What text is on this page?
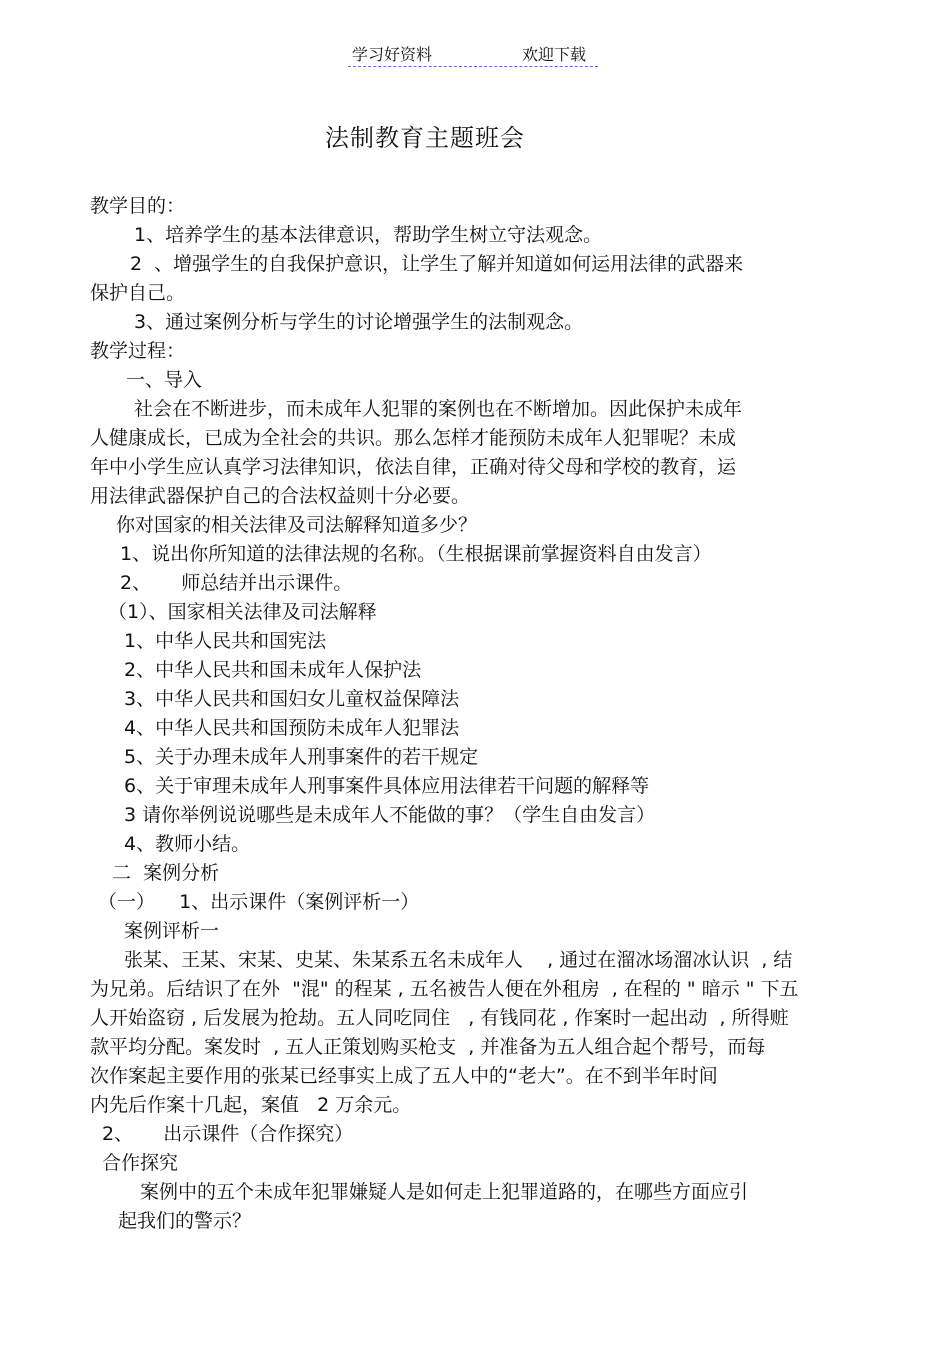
学习好资料	欢迎下载
法制教育主题班会
教学目的：
1、培养学生的基本法律意识，帮助学生树立守法观念。
2  、增强学生的自我保护意识，让学生了解并知道如何运用法律的武器来
保护自己。
3、通过案例分析与学生的讨论增强学生的法制观念。
教学过程：
一、导入
社会在不断进步，而未成年人犯罪的案例也在不断增加。因此保护未成年
人健康成长，已成为全社会的共识。那么怎样才能预防未成年人犯罪呢？未成
年中小学生应认真学习法律知识，依法自律，正确对待父母和学校的教育，运
用法律武器保护自己的合法权益则十分必要。
你对国家的相关法律及司法解释知道多少？
1、说出你所知道的法律法规的名称。（生根据课前掌握资料自由发言）
2、     师总结并出示课件。
（1）、国家相关法律及司法解释
1、中华人民共和国宪法
2、中华人民共和国未成年人保护法
3、中华人民共和国妇女儿童权益保障法
4、中华人民共和国预防未成年人犯罪法
5、关于办理未成年人刑事案件的若干规定
6、关于审理未成年人刑事案件具体应用法律若干问题的解释等
3 请你举例说说哪些是未成年人不能做的事？（学生自由发言）
4、教师小结。
二  案例分析
（一）    1、出示课件（案例评析一）
案例评析一
张某、王某、宋某、史某、朱某系五名未成年人    , 通过在溜冰场溜冰认识  , 结
为兄弟。后结识了在外  "混" 的程某 , 五名被告人便在外租房  , 在程的 " 暗示 " 下五
人开始盗窃 , 后发展为抢劫。五人同吃同住   , 有钱同花 , 作案时一起出动  , 所得赃
款平均分配。案发时  , 五人正策划购买枪支  , 并准备为五人组合起个帮号，而每
次作案起主要作用的张某已经事实上成了五人中的“老大”。在不到半年时间
内先后作案十几起，案值   2 万余元。
2、     出示课件（合作探究）
合作探究
案例中的五个未成年犯罪嫌疑人是如何走上犯罪道路的，在哪些方面应引
起我们的警示？
